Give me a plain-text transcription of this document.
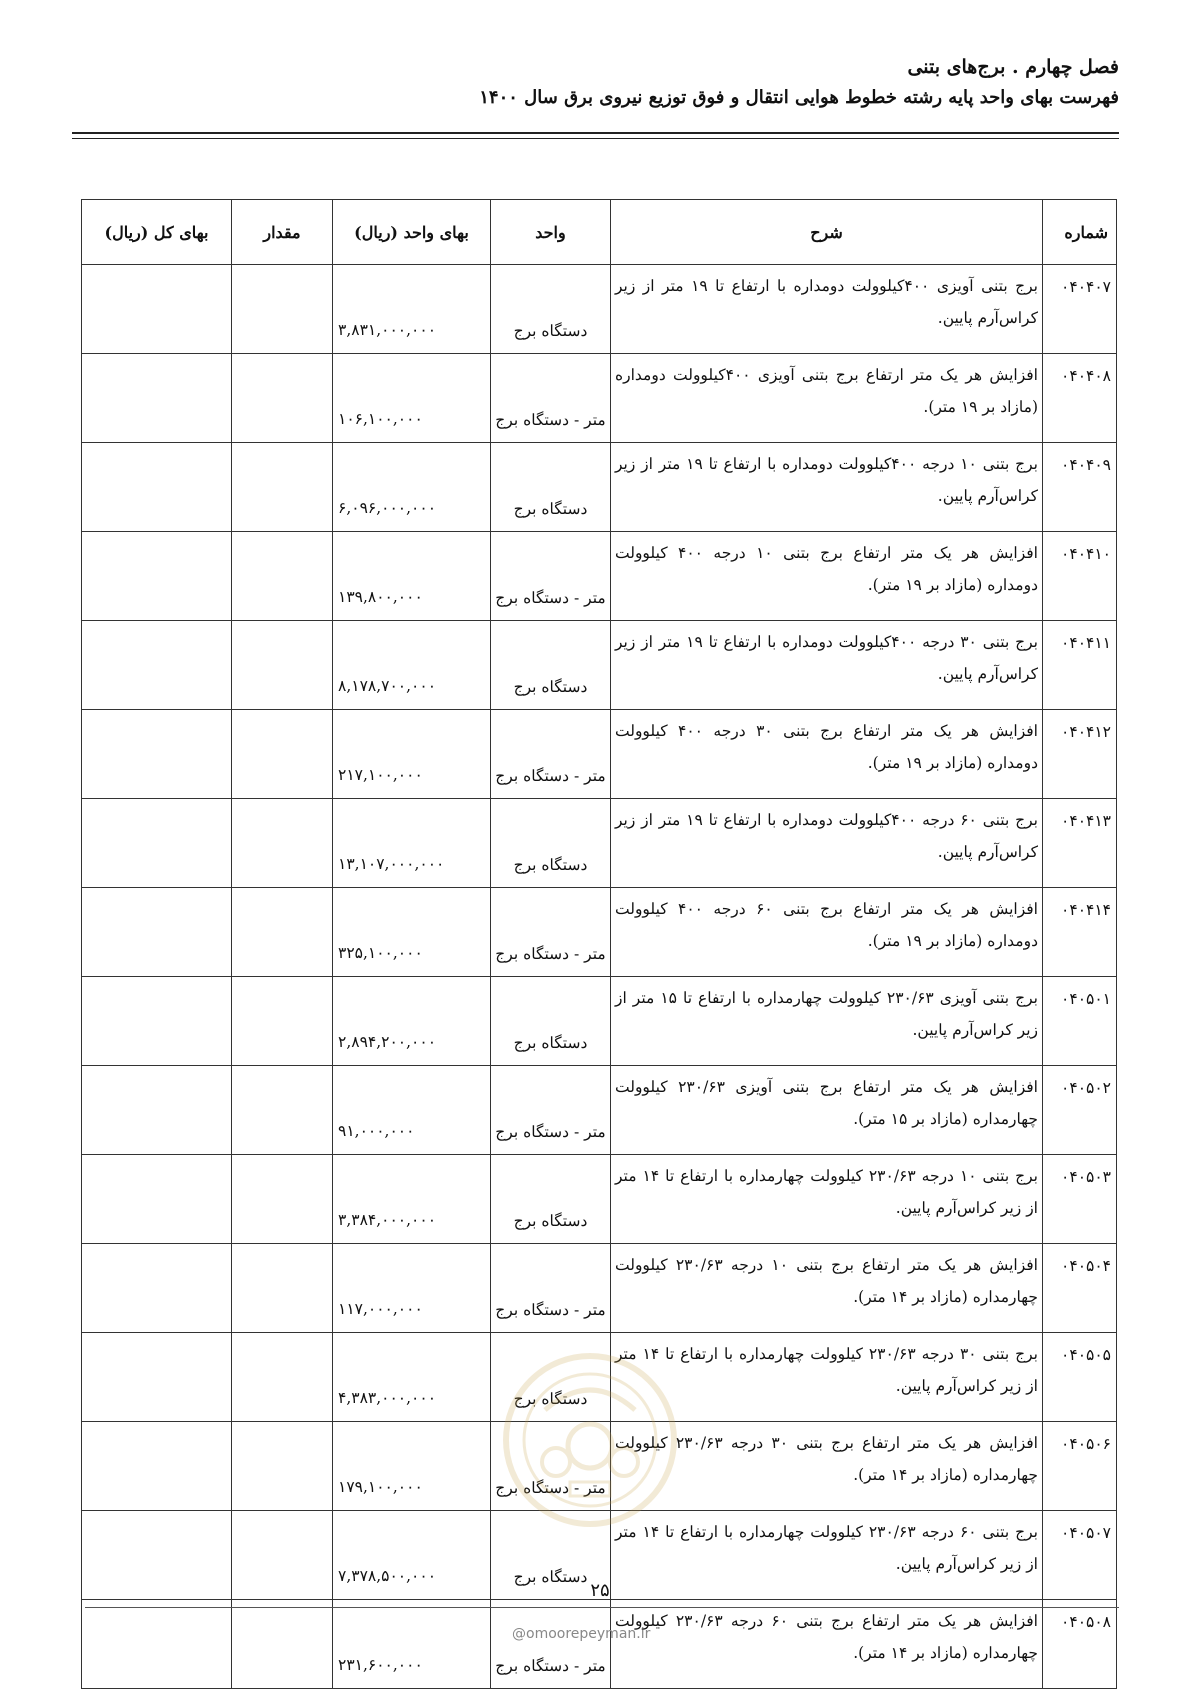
فصل چهارم . برج‌های بتنی
فهرست بهای واحد پایه رشته خطوط هوایی انتقال و فوق توزیع نیروی برق سال ۱۴۰۰
شماره	شرح	واحد	بهای واحد (ریال)	مقدار	بهای کل (ریال)
۰۴۰۴۰۷	برج بتنی آویزی ۴۰۰کیلوولت دومداره با ارتفاع تا ۱۹ متر از زیر کراس‌آرم پایین.	دستگاه برج	۳,۸۳۱,۰۰۰,۰۰۰		
۰۴۰۴۰۸	افزایش هر یک متر ارتفاع برج بتنی آویزی ۴۰۰کیلوولت دومداره (مازاد بر ۱۹ متر).	متر - دستگاه برج	۱۰۶,۱۰۰,۰۰۰		
۰۴۰۴۰۹	برج بتنی ۱۰ درجه ۴۰۰کیلوولت دومداره با ارتفاع تا ۱۹ متر از زیر کراس‌آرم پایین.	دستگاه برج	۶,۰۹۶,۰۰۰,۰۰۰		
۰۴۰۴۱۰	افزایش هر یک متر ارتفاع برج بتنی ۱۰ درجه ۴۰۰ کیلوولت دومداره (مازاد بر ۱۹ متر).	متر - دستگاه برج	۱۳۹,۸۰۰,۰۰۰		
۰۴۰۴۱۱	برج بتنی ۳۰ درجه ۴۰۰کیلوولت دومداره با ارتفاع تا ۱۹ متر از زیر کراس‌آرم پایین.	دستگاه برج	۸,۱۷۸,۷۰۰,۰۰۰		
۰۴۰۴۱۲	افزایش هر یک متر ارتفاع برج بتنی ۳۰ درجه ۴۰۰ کیلوولت دومداره (مازاد بر ۱۹ متر).	متر - دستگاه برج	۲۱۷,۱۰۰,۰۰۰		
۰۴۰۴۱۳	برج بتنی ۶۰ درجه ۴۰۰کیلوولت دومداره با ارتفاع تا ۱۹ متر از زیر کراس‌آرم پایین.	دستگاه برج	۱۳,۱۰۷,۰۰۰,۰۰۰		
۰۴۰۴۱۴	افزایش هر یک متر ارتفاع برج بتنی ۶۰ درجه ۴۰۰ کیلوولت دومداره (مازاد بر ۱۹ متر).	متر - دستگاه برج	۳۲۵,۱۰۰,۰۰۰		
۰۴۰۵۰۱	برج بتنی آویزی ۲۳۰/۶۳ کیلوولت چهارمداره با ارتفاع تا ۱۵ متر از زیر کراس‌آرم پایین.	دستگاه برج	۲,۸۹۴,۲۰۰,۰۰۰		
۰۴۰۵۰۲	افزایش هر یک متر ارتفاع برج بتنی آویزی ۲۳۰/۶۳ کیلوولت چهارمداره (مازاد بر ۱۵ متر).	متر - دستگاه برج	۹۱,۰۰۰,۰۰۰		
۰۴۰۵۰۳	برج بتنی ۱۰ درجه ۲۳۰/۶۳ کیلوولت چهارمداره با ارتفاع تا ۱۴ متر از زیر کراس‌آرم پایین.	دستگاه برج	۳,۳۸۴,۰۰۰,۰۰۰		
۰۴۰۵۰۴	افزایش هر یک متر ارتفاع برج بتنی ۱۰ درجه ۲۳۰/۶۳ کیلوولت چهارمداره (مازاد بر ۱۴ متر).	متر - دستگاه برج	۱۱۷,۰۰۰,۰۰۰		
۰۴۰۵۰۵	برج بتنی ۳۰ درجه ۲۳۰/۶۳ کیلوولت چهارمداره با ارتفاع تا ۱۴ متر از زیر کراس‌آرم پایین.	دستگاه برج	۴,۳۸۳,۰۰۰,۰۰۰		
۰۴۰۵۰۶	افزایش هر یک متر ارتفاع برج بتنی ۳۰ درجه ۲۳۰/۶۳ کیلوولت چهارمداره (مازاد بر ۱۴ متر).	متر - دستگاه برج	۱۷۹,۱۰۰,۰۰۰		
۰۴۰۵۰۷	برج بتنی ۶۰ درجه ۲۳۰/۶۳ کیلوولت چهارمداره با ارتفاع تا ۱۴ متر از زیر کراس‌آرم پایین.	دستگاه برج	۷,۳۷۸,۵۰۰,۰۰۰		
۰۴۰۵۰۸	افزایش هر یک متر ارتفاع برج بتنی ۶۰ درجه ۲۳۰/۶۳ کیلوولت چهارمداره (مازاد بر ۱۴ متر).	متر - دستگاه برج	۲۳۱,۶۰۰,۰۰۰		
۲۵
@omoorepeyman.ir
